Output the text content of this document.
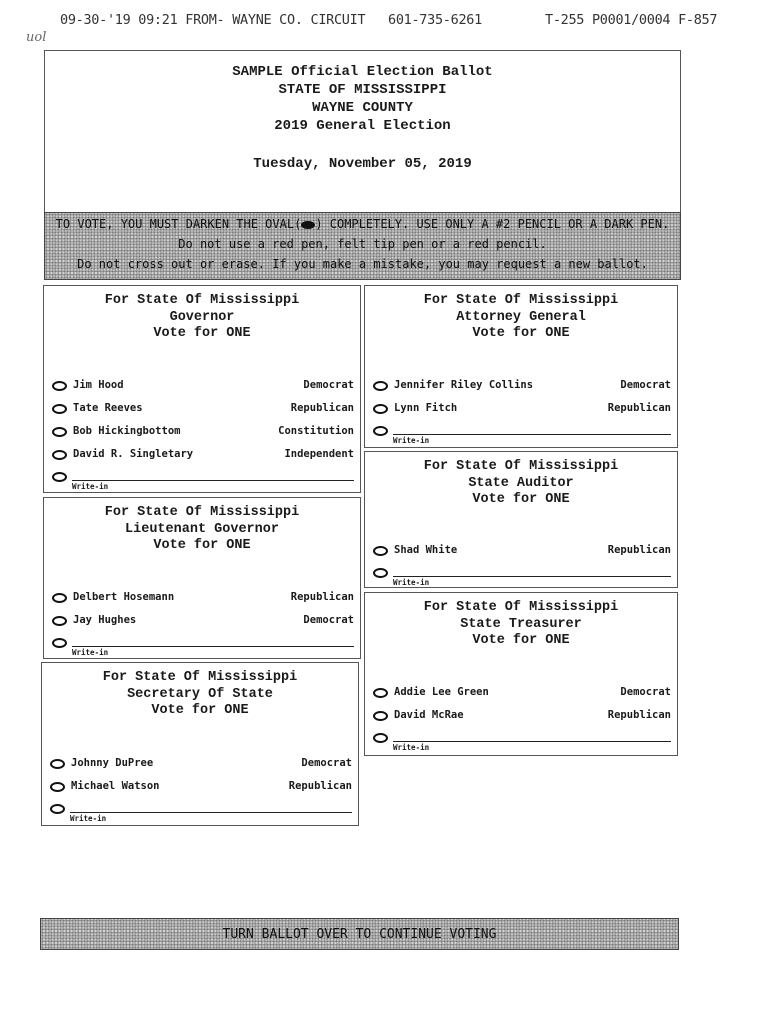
09-30-'19 09:21 FROM- WAYNE CO. CIRCUIT 601-735-6261	T-255 P0001/0004 F-857
uol
SAMPLE Official Election Ballot
STATE OF MISSISSIPPI
WAYNE COUNTY
2019 General Election
Tuesday, November 05, 2019
TO VOTE, YOU MUST DARKEN THE OVAL( ) COMPLETELY. USE ONLY A #2 PENCIL OR A DARK PEN.
Do not use a red pen, felt tip pen or a red pencil.
Do not cross out or erase. If you make a mistake, you may request a new ballot.
For State Of Mississippi
Governor
Vote for ONE
Jim Hood	Democrat
Tate Reeves	Republican
Bob Hickingbottom	Constitution
David R. Singletary	Independent
Write-in
For State Of Mississippi
Lieutenant Governor
Vote for ONE
Delbert Hosemann	Republican
Jay Hughes	Democrat
Write-in
For State Of Mississippi
Secretary Of State
Vote for ONE
Johnny DuPree	Democrat
Michael Watson	Republican
Write-in
For State Of Mississippi
Attorney General
Vote for ONE
Jennifer Riley Collins	Democrat
Lynn Fitch	Republican
Write-in
For State Of Mississippi
State Auditor
Vote for ONE
Shad White	Republican
Write-in
For State Of Mississippi
State Treasurer
Vote for ONE
Addie Lee Green	Democrat
David McRae	Republican
Write-in
TURN BALLOT OVER TO CONTINUE VOTING
